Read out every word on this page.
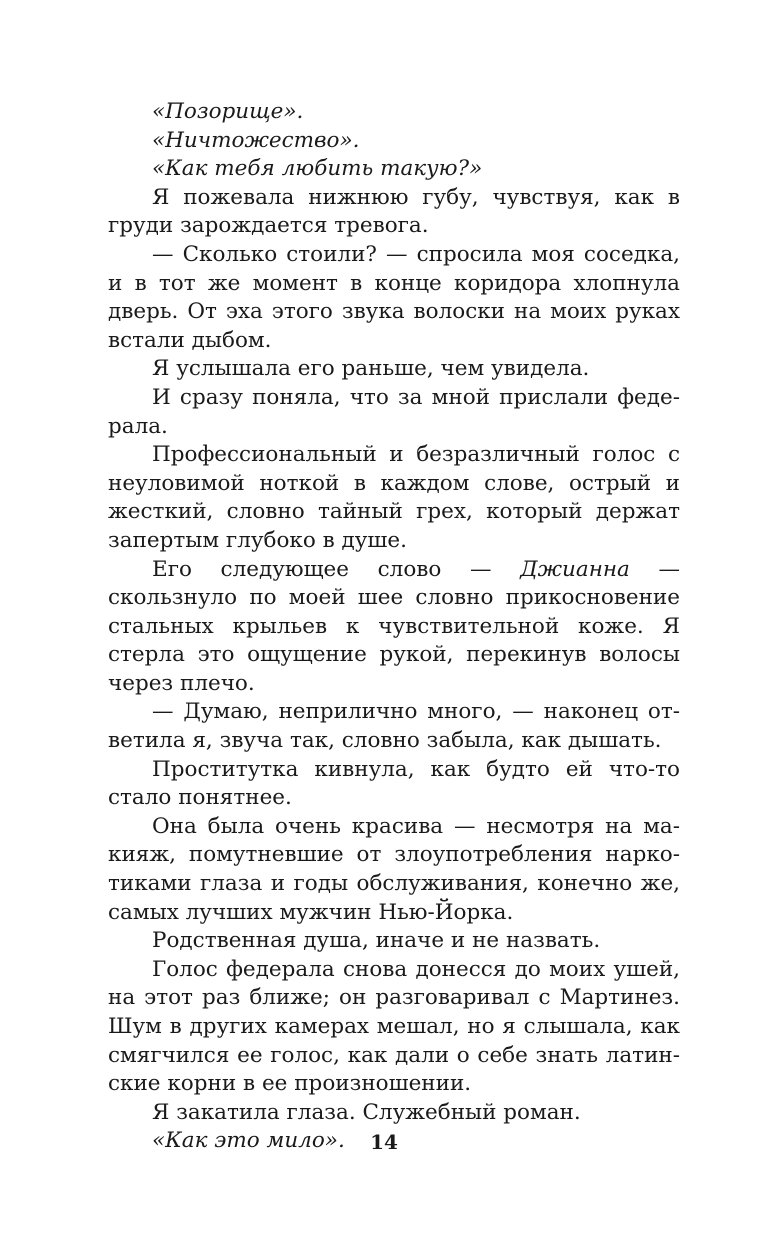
«Позорище».

«Ничтожество».

«Как тебя любить такую?»

Я пожевала нижнюю губу, чувствуя, как в груди зарождается тревога.

— Сколько стоили? — спросила моя соседка, и в тот же момент в конце коридора хлопнула дверь. От эха этого звука волоски на моих руках встали дыбом.

Я услышала его раньше, чем увидела.

И сразу поняла, что за мной прислали феде-рала.

Профессиональный и безразличный голос с неуловимой ноткой в каждом слове, острый и жесткий, словно тайный грех, который держат запертым глубоко в душе.

Его следующее слово — Джианна — скользнуло по моей шее словно прикосновение стальных крыльев к чувствительной коже. Я стерла это ощущение рукой, перекинув волосы через плечо.

— Думаю, неприлично много, — наконец от-ветила я, звуча так, словно забыла, как дышать.

Проститутка кивнула, как будто ей что-то стало понятнее.

Она была очень красива — несмотря на ма-кияж, помутневшие от злоупотребления нарко-тиками глаза и годы обслуживания, конечно же, самых лучших мужчин Нью-Йорка.

Родственная душа, иначе и не назвать.

Голос федерала снова донесся до моих ушей, на этот раз ближе; он разговаривал с Мартинез. Шум в других камерах мешал, но я слышала, как смягчился ее голос, как дали о себе знать латин-ские корни в ее произношении.

Я закатила глаза. Служебный роман.

«Как это мило».	14
